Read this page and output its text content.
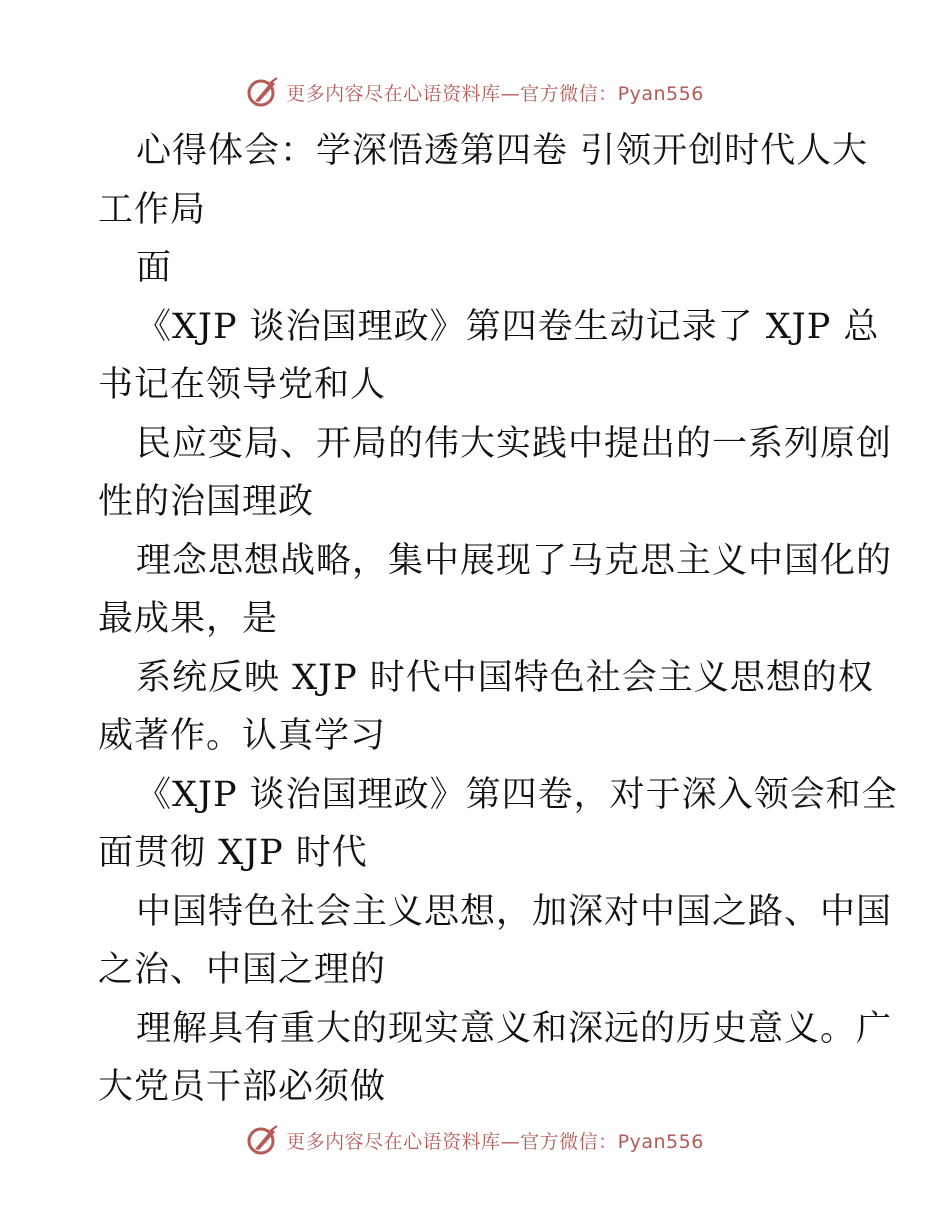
更多内容尽在心语资料库—官方微信：Pyan556
心得体会：学深悟透第四卷 引领开创时代人大
工作局
面
《XJP 谈治国理政》第四卷生动记录了 XJP 总
书记在领导党和人
民应变局、开局的伟大实践中提出的一系列原创
性的治国理政
理念思想战略，集中展现了马克思主义中国化的
最成果，是
系统反映 XJP 时代中国特色社会主义思想的权
威著作。认真学习
《XJP 谈治国理政》第四卷，对于深入领会和全
面贯彻 XJP 时代
中国特色社会主义思想，加深对中国之路、中国
之治、中国之理的
理解具有重大的现实意义和深远的历史意义。广
大党员干部必须做
更多内容尽在心语资料库—官方微信：Pyan556
